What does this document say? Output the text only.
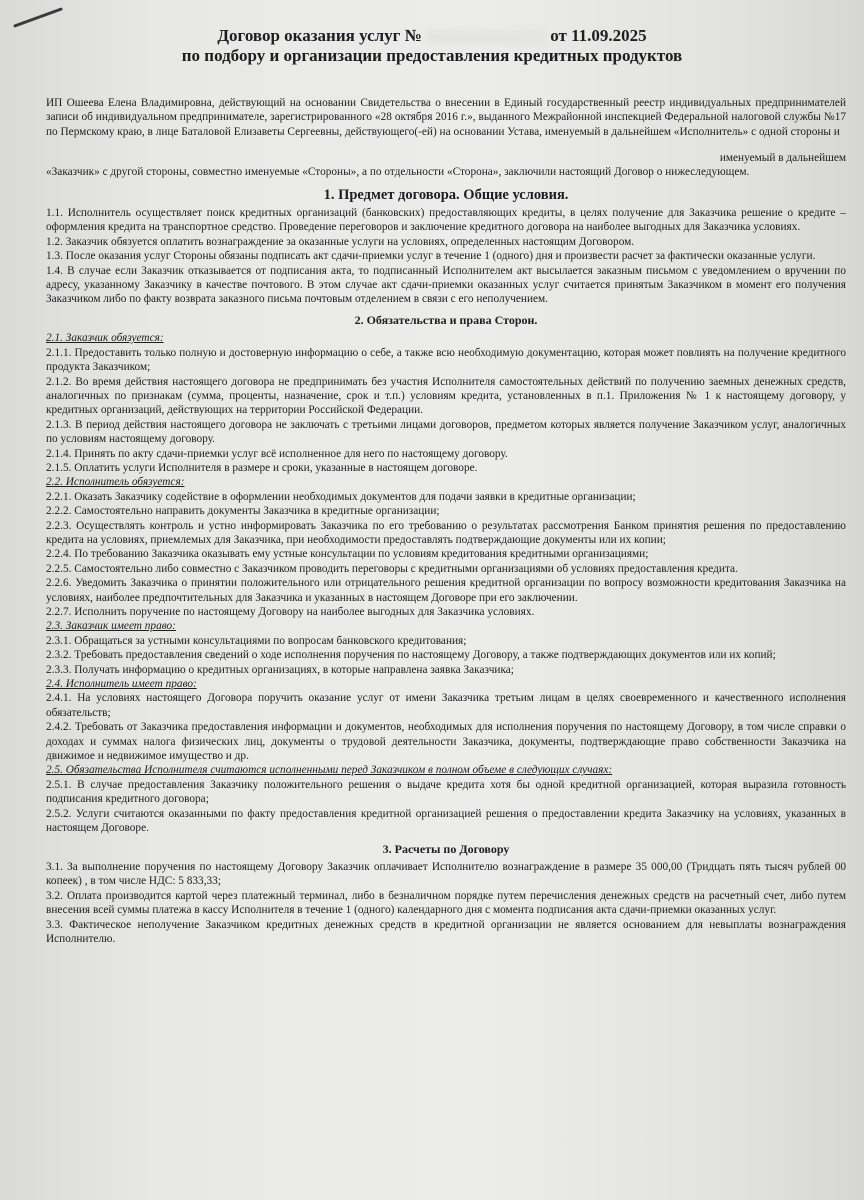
Договор оказания услуг №	от 11.09.2025
по подбору и организации предоставления кредитных продуктов

ИП Ошеева Елена Владимировна, действующий на основании Свидетельства о внесении в Единый государственный реестр индивидуальных предпринимателей записи об индивидуальном предпринимателе, зарегистрированного «28 октября 2016 г.», выданного Межрайонной инспекцией Федеральной налоговой службы №17 по Пермскому краю, в лице Баталовой Елизаветы Сергеевны, действующего(-ей) на основании Устава, именуемый в дальнейшем «Исполнитель» с одной стороны и

именуемый в дальнейшем

«Заказчик» с другой стороны, совместно именуемые «Стороны», а по отдельности «Сторона», заключили настоящий Договор о нижеследующем.

1. Предмет договора. Общие условия.

1.1. Исполнитель осуществляет поиск кредитных организаций (банковских) предоставляющих кредиты, в целях получение для Заказчика решение о кредите –оформления кредита на транспортное средство. Проведение переговоров и заключение кредитного договора на наиболее выгодных для Заказчика условиях.

1.2. Заказчик обязуется оплатить вознаграждение за оказанные услуги на условиях, определенных настоящим Договором.

1.3. После оказания услуг Стороны обязаны подписать акт сдачи-приемки услуг в течение 1 (одного) дня и произвести расчет за фактически оказанные услуги.

1.4. В случае если Заказчик отказывается от подписания акта, то подписанный Исполнителем акт высылается заказным письмом с уведомлением о вручении по адресу, указанному Заказчику в качестве почтового. В этом случае акт сдачи-приемки оказанных услуг считается принятым Заказчиком в момент его получения Заказчиком либо по факту возврата заказного письма почтовым отделением в связи с его неполучением.

2. Обязательства и права Сторон.

2.1. Заказчик обязуется:

2.1.1. Предоставить только полную и достоверную информацию о себе, а также всю необходимую документацию, которая может повлиять на получение кредитного продукта Заказчиком;

2.1.2. Во время действия настоящего договора не предпринимать без участия Исполнителя самостоятельных действий по получению заемных денежных средств, аналогичных по признакам (сумма, проценты, назначение, срок и т.п.) условиям кредита, установленных в п.1. Приложения № 1 к настоящему договору, у кредитных организаций, действующих на территории Российской Федерации.

2.1.3. В период действия настоящего договора не заключать с третьими лицами договоров, предметом которых является получение Заказчиком услуг, аналогичных по условиям настоящему договору.

2.1.4. Принять по акту сдачи-приемки услуг всё исполненное для него по настоящему договору.

2.1.5. Оплатить услуги Исполнителя в размере и сроки, указанные в настоящем договоре.

2.2. Исполнитель обязуется:

2.2.1. Оказать Заказчику содействие в оформлении необходимых документов для подачи заявки в кредитные организации;

2.2.2. Самостоятельно направить документы Заказчика в кредитные организации;

2.2.3. Осуществлять контроль и устно информировать Заказчика по его требованию о результатах рассмотрения Банком принятия решения по предоставлению кредита на условиях, приемлемых для Заказчика, при необходимости предоставлять подтверждающие документы или их копии;

2.2.4. По требованию Заказчика оказывать ему устные консультации по условиям кредитования кредитными организациями;

2.2.5. Самостоятельно либо совместно с Заказчиком проводить переговоры с кредитными организациями об условиях предоставления кредита.

2.2.6. Уведомить Заказчика о принятии положительного или отрицательного решения кредитной организации по вопросу возможности кредитования Заказчика на условиях, наиболее предпочтительных для Заказчика и указанных в настоящем Договоре при его заключении.

2.2.7. Исполнить поручение по настоящему Договору на наиболее выгодных для Заказчика условиях.

2.3. Заказчик имеет право:

2.3.1. Обращаться за устными консультациями по вопросам банковского кредитования;

2.3.2. Требовать предоставления сведений о ходе исполнения поручения по настоящему Договору, а также подтверждающих документов или их копий;

2.3.3. Получать информацию о кредитных организациях, в которые направлена заявка Заказчика;

2.4. Исполнитель имеет право:

2.4.1. На условиях настоящего Договора поручить оказание услуг от имени Заказчика третьим лицам в целях своевременного и качественного исполнения обязательств;

2.4.2. Требовать от Заказчика предоставления информации и документов, необходимых для исполнения поручения по настоящему Договору, в том числе справки о доходах и суммах налога физических лиц, документы о трудовой деятельности Заказчика, документы, подтверждающие право собственности Заказчика на движимое и недвижимое имущество и др.

2.5. Обязательства Исполнителя считаются исполненными перед Заказчиком в полном объеме в следующих случаях:

2.5.1. В случае предоставления Заказчику положительного решения о выдаче кредита хотя бы одной кредитной организацией, которая выразила готовность подписания кредитного договора;

2.5.2. Услуги считаются оказанными по факту предоставления кредитной организацией решения о предоставлении кредита Заказчику на условиях, указанных в настоящем Договоре.

3. Расчеты по Договору

3.1. За выполнение поручения по настоящему Договору Заказчик оплачивает Исполнителю вознаграждение в размере 35 000,00 (Тридцать пять тысяч рублей 00 копеек) , в том числе НДС: 5 833,33;

3.2. Оплата производится картой через платежный терминал, либо в безналичном порядке путем перечисления денежных средств на расчетный счет, либо путем внесения всей суммы платежа в кассу Исполнителя в течение 1 (одного) календарного дня с момента подписания акта сдачи-приемки оказанных услуг.

3.3. Фактическое неполучение Заказчиком кредитных денежных средств в кредитной организации не является основанием для невыплаты вознаграждения Исполнителю.
